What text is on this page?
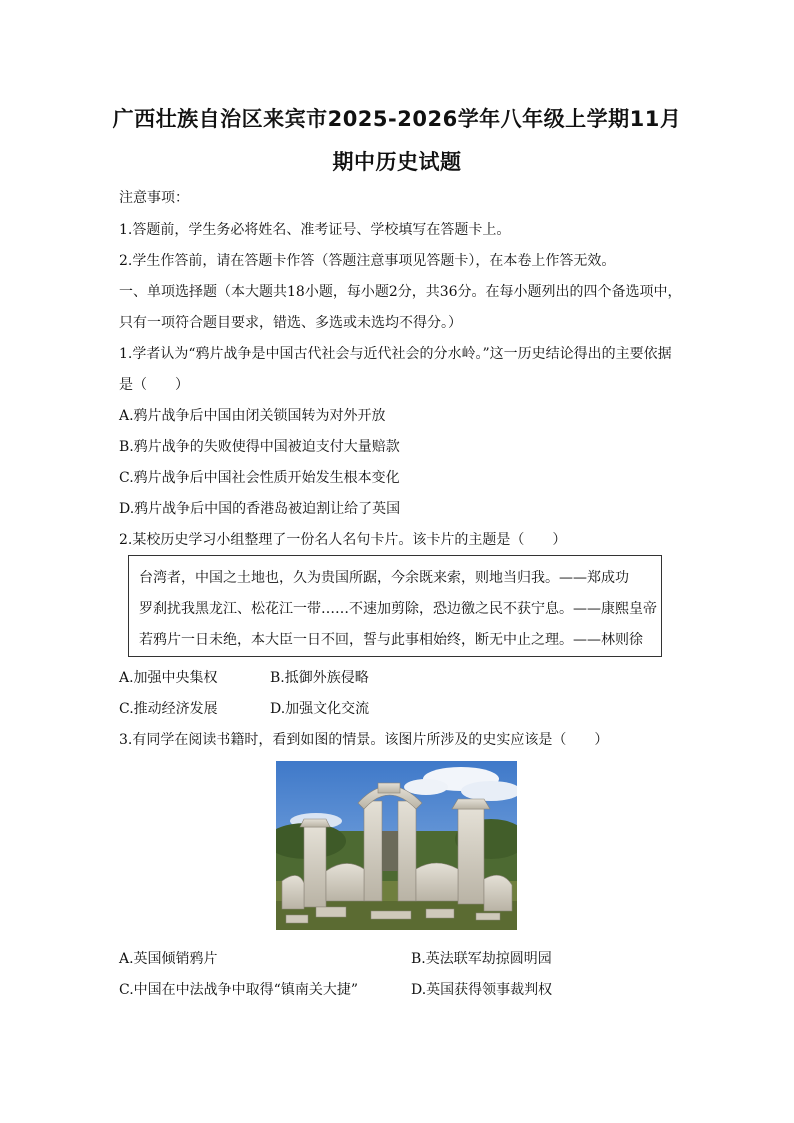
广西壮族自治区来宾市2025-2026学年八年级上学期11月
期中历史试题
注意事项：
1.答题前，学生务必将姓名、准考证号、学校填写在答题卡上。
2.学生作答前，请在答题卡作答（答题注意事项见答题卡），在本卷上作答无效。
一、单项选择题（本大题共18小题，每小题2分，共36分。在每小题列出的四个备选项中，
只有一项符合题目要求，错选、多选或未选均不得分。）
1.学者认为“鸦片战争是中国古代社会与近代社会的分水岭。”这一历史结论得出的主要依据
是（　　）
A.鸦片战争后中国由闭关锁国转为对外开放
B.鸦片战争的失败使得中国被迫支付大量赔款
C.鸦片战争后中国社会性质开始发生根本变化
D.鸦片战争后中国的香港岛被迫割让给了英国
2.某校历史学习小组整理了一份名人名句卡片。该卡片的主题是（　　）
台湾者，中国之土地也，久为贵国所踞，今余既来索，则地当归我。——郑成功
罗刹扰我黑龙江、松花江一带……不速加剪除，恐边徼之民不获宁息。——康熙皇帝
若鸦片一日未绝，本大臣一日不回，誓与此事相始终，断无中止之理。——林则徐
A.加强中央集权	B.抵御外族侵略
C.推动经济发展	D.加强文化交流
3.有同学在阅读书籍时，看到如图的情景。该图片所涉及的史实应该是（　　）
A.英国倾销鸦片	B.英法联军劫掠圆明园
C.中国在中法战争中取得“镇南关大捷”	D.英国获得领事裁判权
